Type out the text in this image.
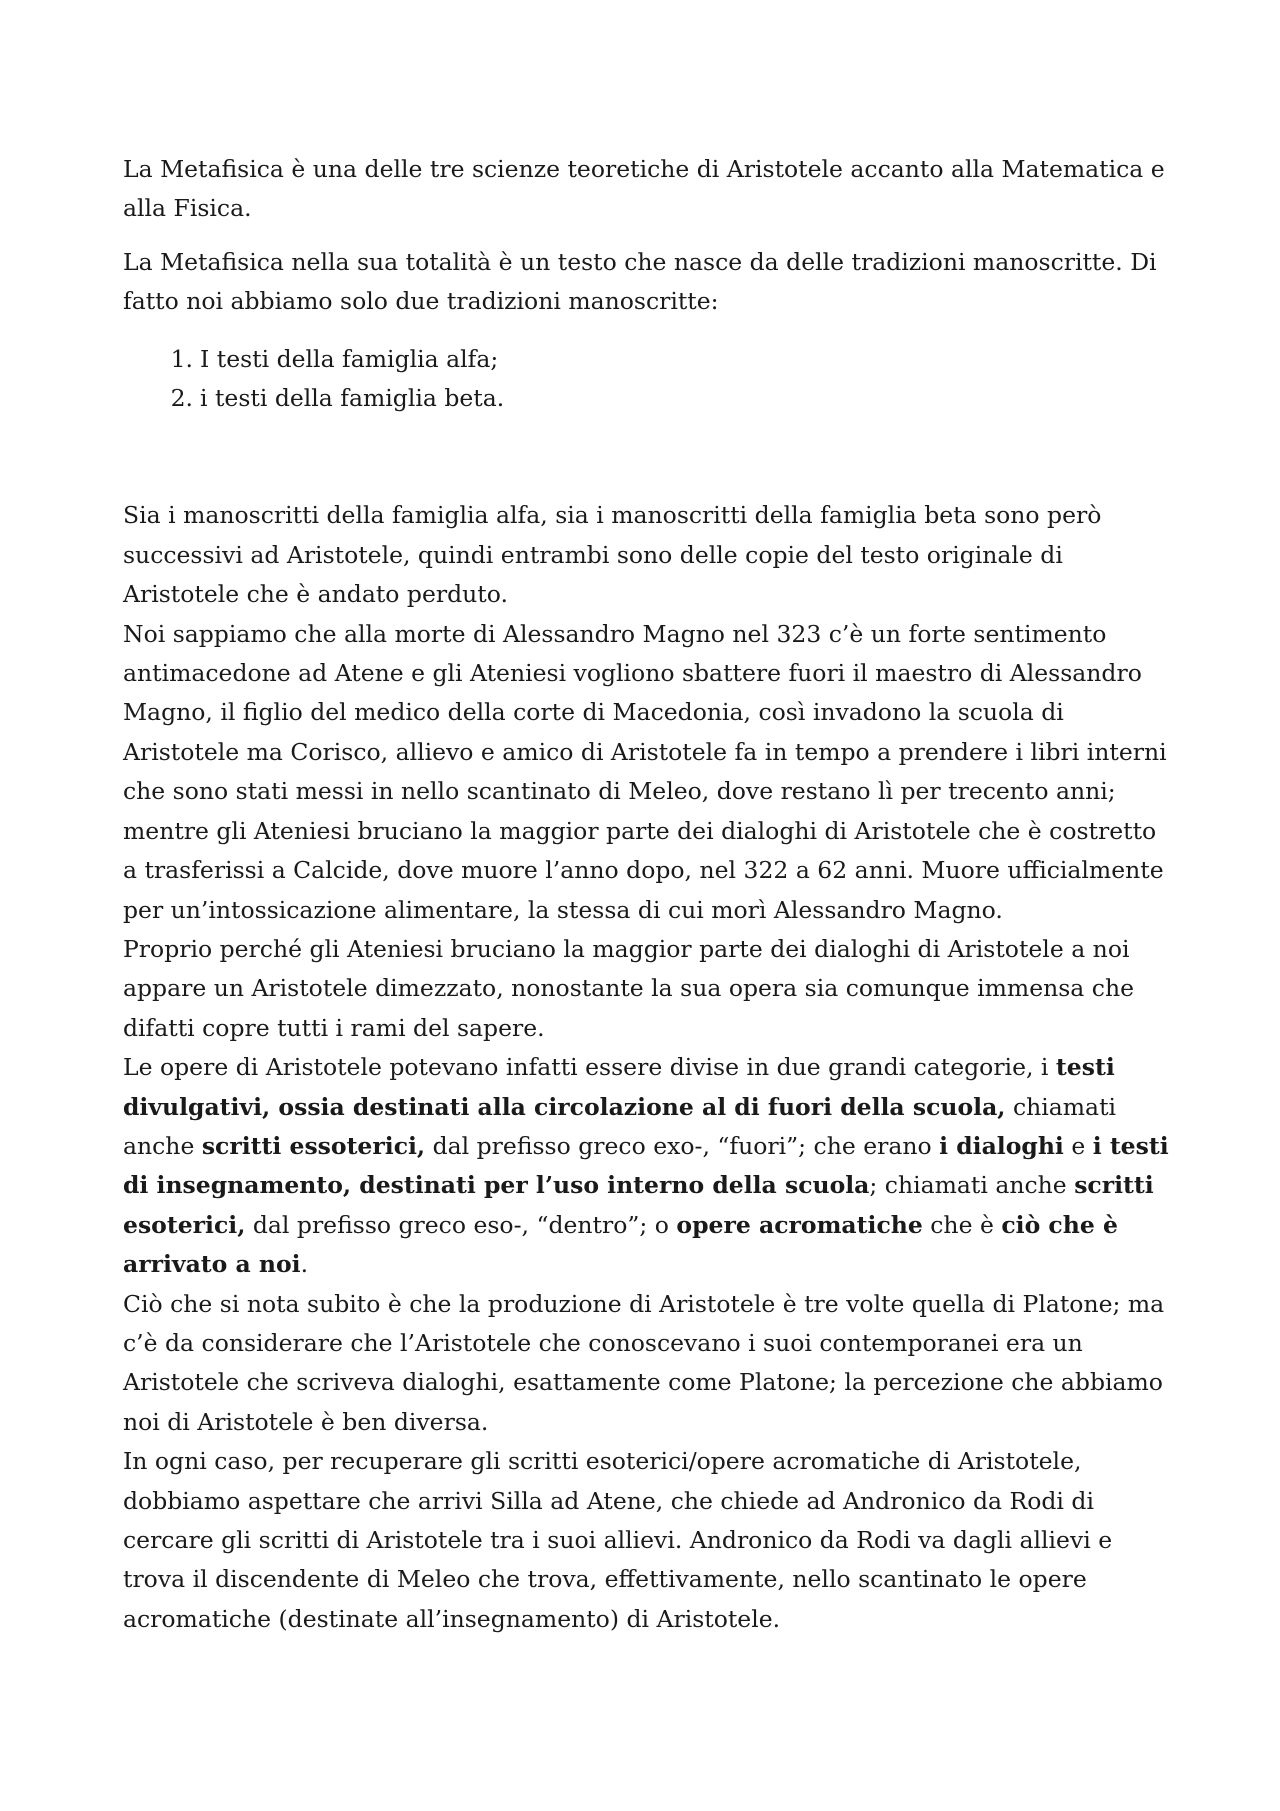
La Metafisica è una delle tre scienze teoretiche di Aristotele accanto alla Matematica e alla Fisica.

La Metafisica nella sua totalità è un testo che nasce da delle tradizioni manoscritte. Di fatto noi abbiamo solo due tradizioni manoscritte:

1. I testi della famiglia alfa;
2. i testi della famiglia beta.

Sia i manoscritti della famiglia alfa, sia i manoscritti della famiglia beta sono però successivi ad Aristotele, quindi entrambi sono delle copie del testo originale di Aristotele che è andato perduto.

Noi sappiamo che alla morte di Alessandro Magno nel 323 c’è un forte sentimento antimacedone ad Atene e gli Ateniesi vogliono sbattere fuori il maestro di Alessandro Magno, il figlio del medico della corte di Macedonia, così invadono la scuola di Aristotele ma Corisco, allievo e amico di Aristotele fa in tempo a prendere i libri interni che sono stati messi in nello scantinato di Meleo, dove restano lì per trecento anni; mentre gli Ateniesi bruciano la maggior parte dei dialoghi di Aristotele che è costretto a trasferissi a Calcide, dove muore l’anno dopo, nel 322 a 62 anni. Muore ufficialmente per un’intossicazione alimentare, la stessa di cui morì Alessandro Magno.

Proprio perché gli Ateniesi bruciano la maggior parte dei dialoghi di Aristotele a noi appare un Aristotele dimezzato, nonostante la sua opera sia comunque immensa che difatti copre tutti i rami del sapere.

Le opere di Aristotele potevano infatti essere divise in due grandi categorie, i testi divulgativi, ossia destinati alla circolazione al di fuori della scuola, chiamati anche scritti essoterici, dal prefisso greco exo-, “fuori”; che erano i dialoghi e i testi di insegnamento, destinati per l’uso interno della scuola; chiamati anche scritti esoterici, dal prefisso greco eso-, “dentro”; o opere acromatiche che è ciò che è arrivato a noi.

Ciò che si nota subito è che la produzione di Aristotele è tre volte quella di Platone; ma c’è da considerare che l’Aristotele che conoscevano i suoi contemporanei era un Aristotele che scriveva dialoghi, esattamente come Platone; la percezione che abbiamo noi di Aristotele è ben diversa.

In ogni caso, per recuperare gli scritti esoterici/opere acromatiche di Aristotele, dobbiamo aspettare che arrivi Silla ad Atene, che chiede ad Andronico da Rodi di cercare gli scritti di Aristotele tra i suoi allievi. Andronico da Rodi va dagli allievi e trova il discendente di Meleo che trova, effettivamente, nello scantinato le opere acromatiche (destinate all’insegnamento) di Aristotele.
